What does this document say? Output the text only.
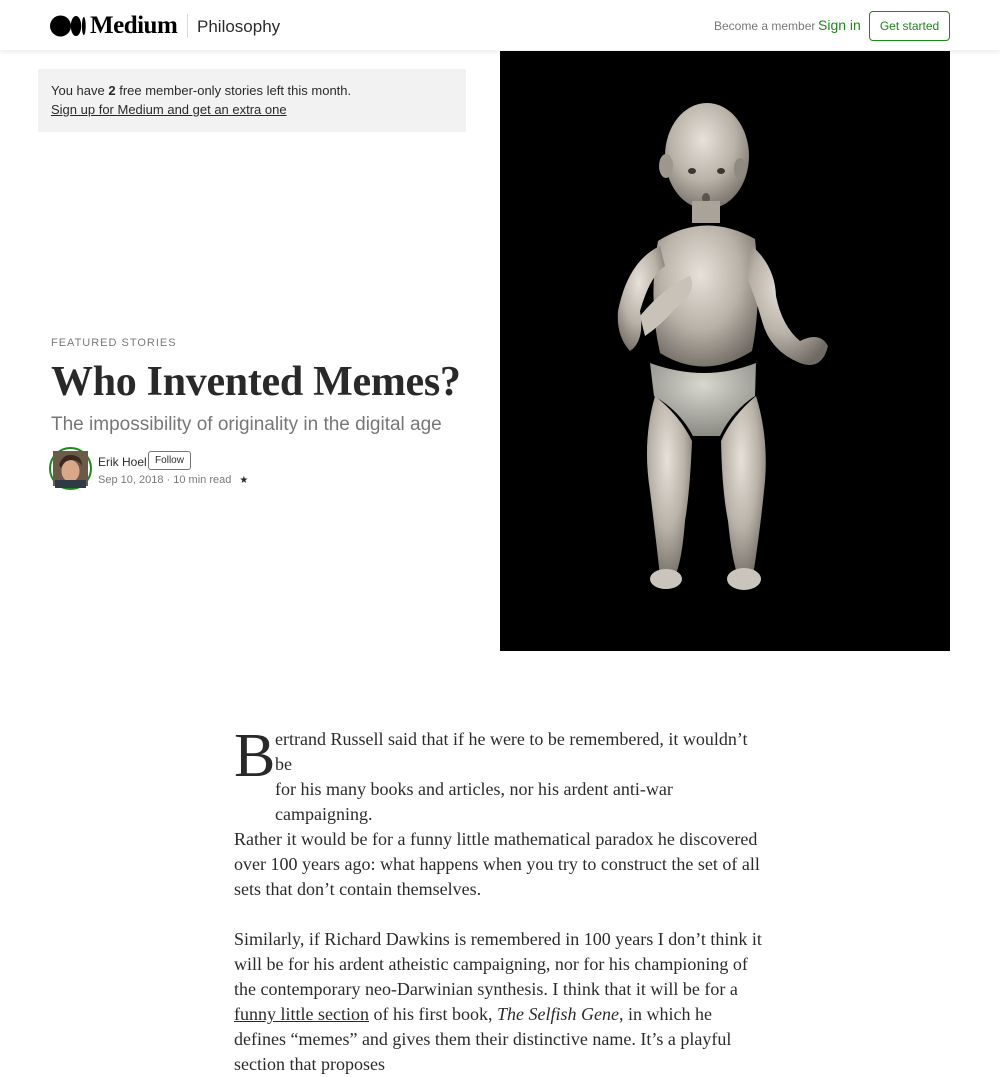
Medium Philosophy	Become a member Sign in	Get started
You have 2 free member-only stories left this month.
Sign up for Medium and get an extra one
FEATURED STORIES
Who Invented Memes?
The impossibility of originality in the digital age
Erik Hoel Follow
Sep 10, 2018 · 10 min read ★

B ertrand Russell said that if he were to be remembered, it wouldn’t be
for his many books and articles, nor his ardent anti-war campaigning.
Rather it would be for a funny little mathematical paradox he discovered over 100 years ago: what happens when you try to construct the set of all sets that don’t contain themselves.

Similarly, if Richard Dawkins is remembered in 100 years I don’t think it will be for his ardent atheistic campaigning, nor for his championing of the contemporary neo-Darwinian synthesis. I think that it will be for a funny little section of his first book, The Selfish Gene, in which he defines “memes” and gives them their distinctive name. It’s a playful section that proposes
